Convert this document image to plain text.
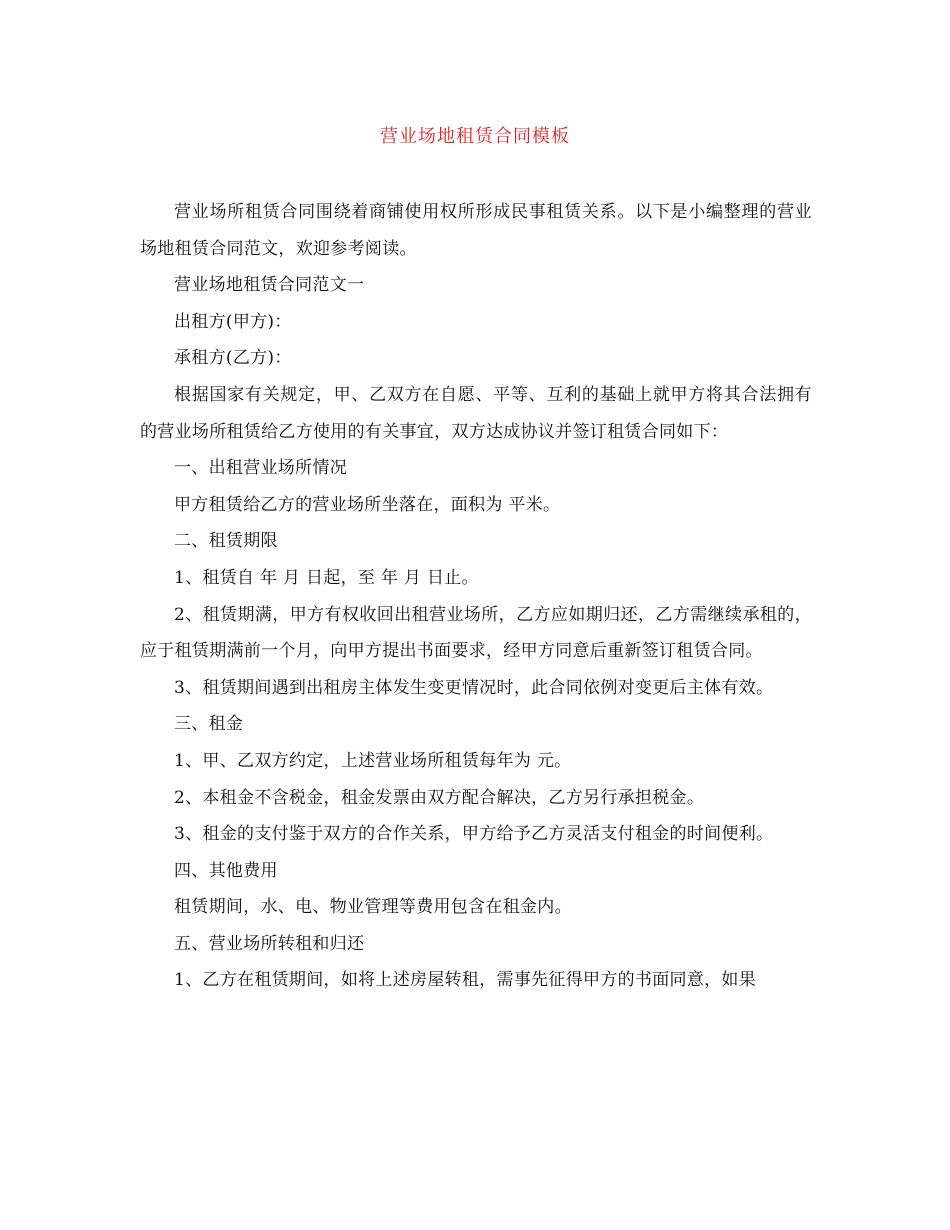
营业场地租赁合同模板

营业场所租赁合同围绕着商铺使用权所形成民事租赁关系。以下是小编整理的营业场地租赁合同范文，欢迎参考阅读。

营业场地租赁合同范文一

出租方(甲方)：

承租方(乙方)：

根据国家有关规定，甲、乙双方在自愿、平等、互利的基础上就甲方将其合法拥有的营业场所租赁给乙方使用的有关事宜，双方达成协议并签订租赁合同如下：

一、出租营业场所情况

甲方租赁给乙方的营业场所坐落在，面积为 平米。

二、租赁期限

1、租赁自 年 月 日起，至 年 月 日止。

2、租赁期满，甲方有权收回出租营业场所，乙方应如期归还，乙方需继续承租的，应于租赁期满前一个月，向甲方提出书面要求，经甲方同意后重新签订租赁合同。

3、租赁期间遇到出租房主体发生变更情况时，此合同依例对变更后主体有效。

三、租金

1、甲、乙双方约定，上述营业场所租赁每年为 元。

2、本租金不含税金，租金发票由双方配合解决，乙方另行承担税金。

3、租金的支付鉴于双方的合作关系，甲方给予乙方灵活支付租金的时间便利。

四、其他费用

租赁期间，水、电、物业管理等费用包含在租金内。

五、营业场所转租和归还

1、乙方在租赁期间，如将上述房屋转租，需事先征得甲方的书面同意，如果
